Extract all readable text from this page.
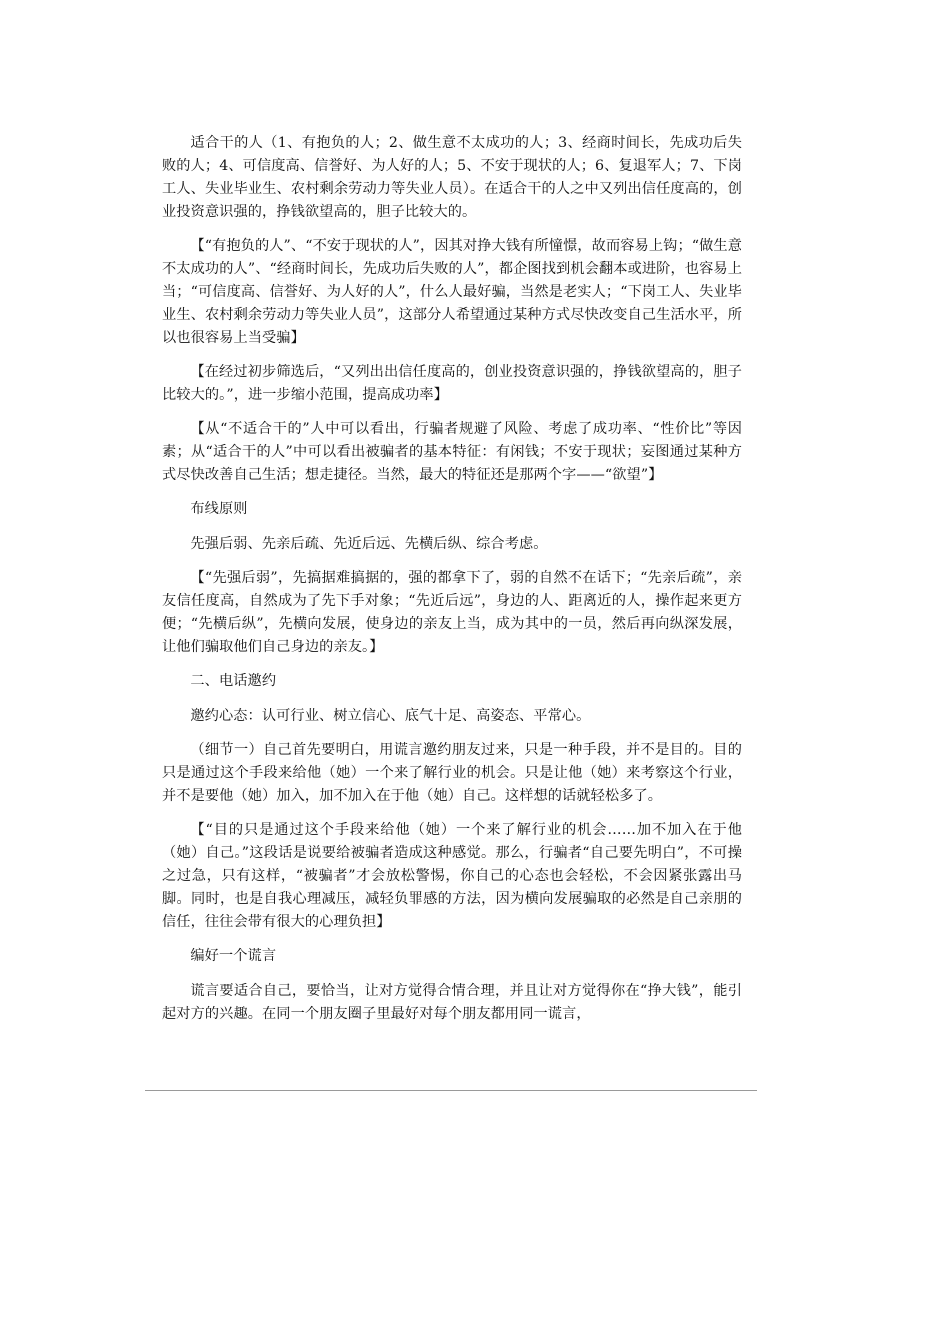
适合干的人（1、有抱负的人；2、做生意不太成功的人；3、经商时间长，先成功后失败的人；4、可信度高、信誉好、为人好的人；5、不安于现状的人；6、复退军人；7、下岗工人、失业毕业生、农村剩余劳动力等失业人员）。在适合干的人之中又列出信任度高的，创业投资意识强的，挣钱欲望高的，胆子比较大的。

【“有抱负的人”、“不安于现状的人”，因其对挣大钱有所憧憬，故而容易上钩；“做生意不太成功的人”、“经商时间长，先成功后失败的人”，都企图找到机会翻本或进阶，也容易上当；“可信度高、信誉好、为人好的人”，什么人最好骗，当然是老实人；“下岗工人、失业毕业生、农村剩余劳动力等失业人员”，这部分人希望通过某种方式尽快改变自己生活水平，所以也很容易上当受骗】

【在经过初步筛选后，“又列出出信任度高的，创业投资意识强的，挣钱欲望高的，胆子比较大的。”，进一步缩小范围，提高成功率】

【从“不适合干的”人中可以看出，行骗者规避了风险、考虑了成功率、“性价比”等因素；从“适合干的人”中可以看出被骗者的基本特征：有闲钱；不安于现状；妄图通过某种方式尽快改善自己生活；想走捷径。当然，最大的特征还是那两个字——“欲望”】

布线原则

先强后弱、先亲后疏、先近后远、先横后纵、综合考虑。

【“先强后弱”，先搞据难搞据的，强的都拿下了，弱的自然不在话下；“先亲后疏”，亲友信任度高，自然成为了先下手对象；“先近后远”，身边的人、距离近的人，操作起来更方便；“先横后纵”，先横向发展，使身边的亲友上当，成为其中的一员，然后再向纵深发展，让他们骗取他们自己身边的亲友。】

二、电话邀约

邀约心态：认可行业、树立信心、底气十足、高姿态、平常心。

（细节一）自己首先要明白，用谎言邀约朋友过来，只是一种手段，并不是目的。目的只是通过这个手段来给他（她）一个来了解行业的机会。只是让他（她）来考察这个行业，并不是要他（她）加入，加不加入在于他（她）自己。这样想的话就轻松多了。

【“目的只是通过这个手段来给他（她）一个来了解行业的机会……加不加入在于他（她）自己。”这段话是说要给被骗者造成这种感觉。那么，行骗者“自己要先明白”，不可操之过急，只有这样，“被骗者”才会放松警惕，你自己的心态也会轻松，不会因紧张露出马脚。同时，也是自我心理减压，减轻负罪感的方法，因为横向发展骗取的必然是自己亲朋的信任，往往会带有很大的心理负担】

编好一个谎言

谎言要适合自己，要恰当，让对方觉得合情合理，并且让对方觉得你在“挣大钱”，能引起对方的兴趣。在同一个朋友圈子里最好对每个朋友都用同一谎言，
